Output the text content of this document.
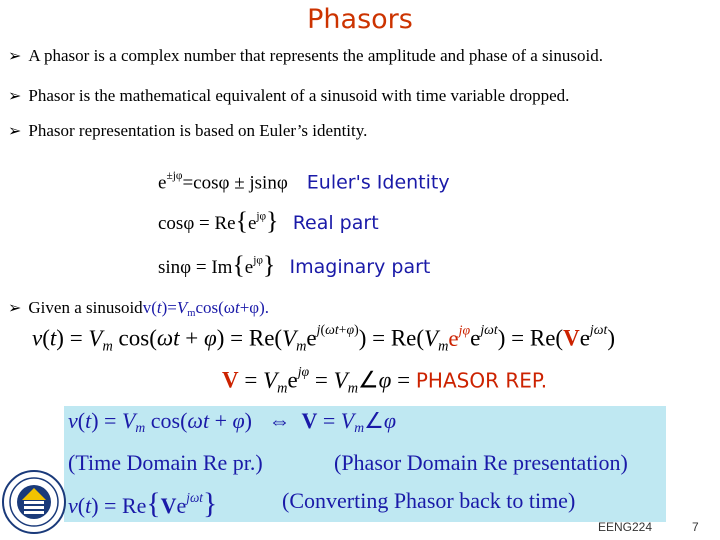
Phasors
➢ A phasor is a complex number that represents the amplitude and phase of a sinusoid.
➢ Phasor is the mathematical equivalent of a sinusoid with time variable dropped.
➢ Phasor representation is based on Euler’s identity.
$e^{\pm j\varphi}=\cos\varphi \pm jsin\varphi$    Euler's Identity
$\cos\varphi = Re\{e^{j\varphi}\}$ Real part
$\sin\varphi = Im\{e^{j\varphi}\}$ Imaginary part
➢ Given a sinusoid $v(t)=V_m\cos(\omega t+\varphi)$.
$v(t) = V_m$ $\cos(\omega t + \varphi) = Re(V_me^{j(\omega t+\varphi)}) = Re(V_me^{j\varphi}e^{j\omega t}) = Re(Ve^{j\omega t})$
$V = V_me^{j\varphi}$ = $V_m\angle\varphi$ = PHASOR REP.
$v(t) = V_m$ cos(ωt + φ)   ⇔  $V = V_m\angle\varphi$
(Time Domain Re pr.)	(Phasor Domain Re presentation)
$v(t) = Re\{Ve^{j\omega t}\}$	(Converting Phasor back to time)
EENG224	7
